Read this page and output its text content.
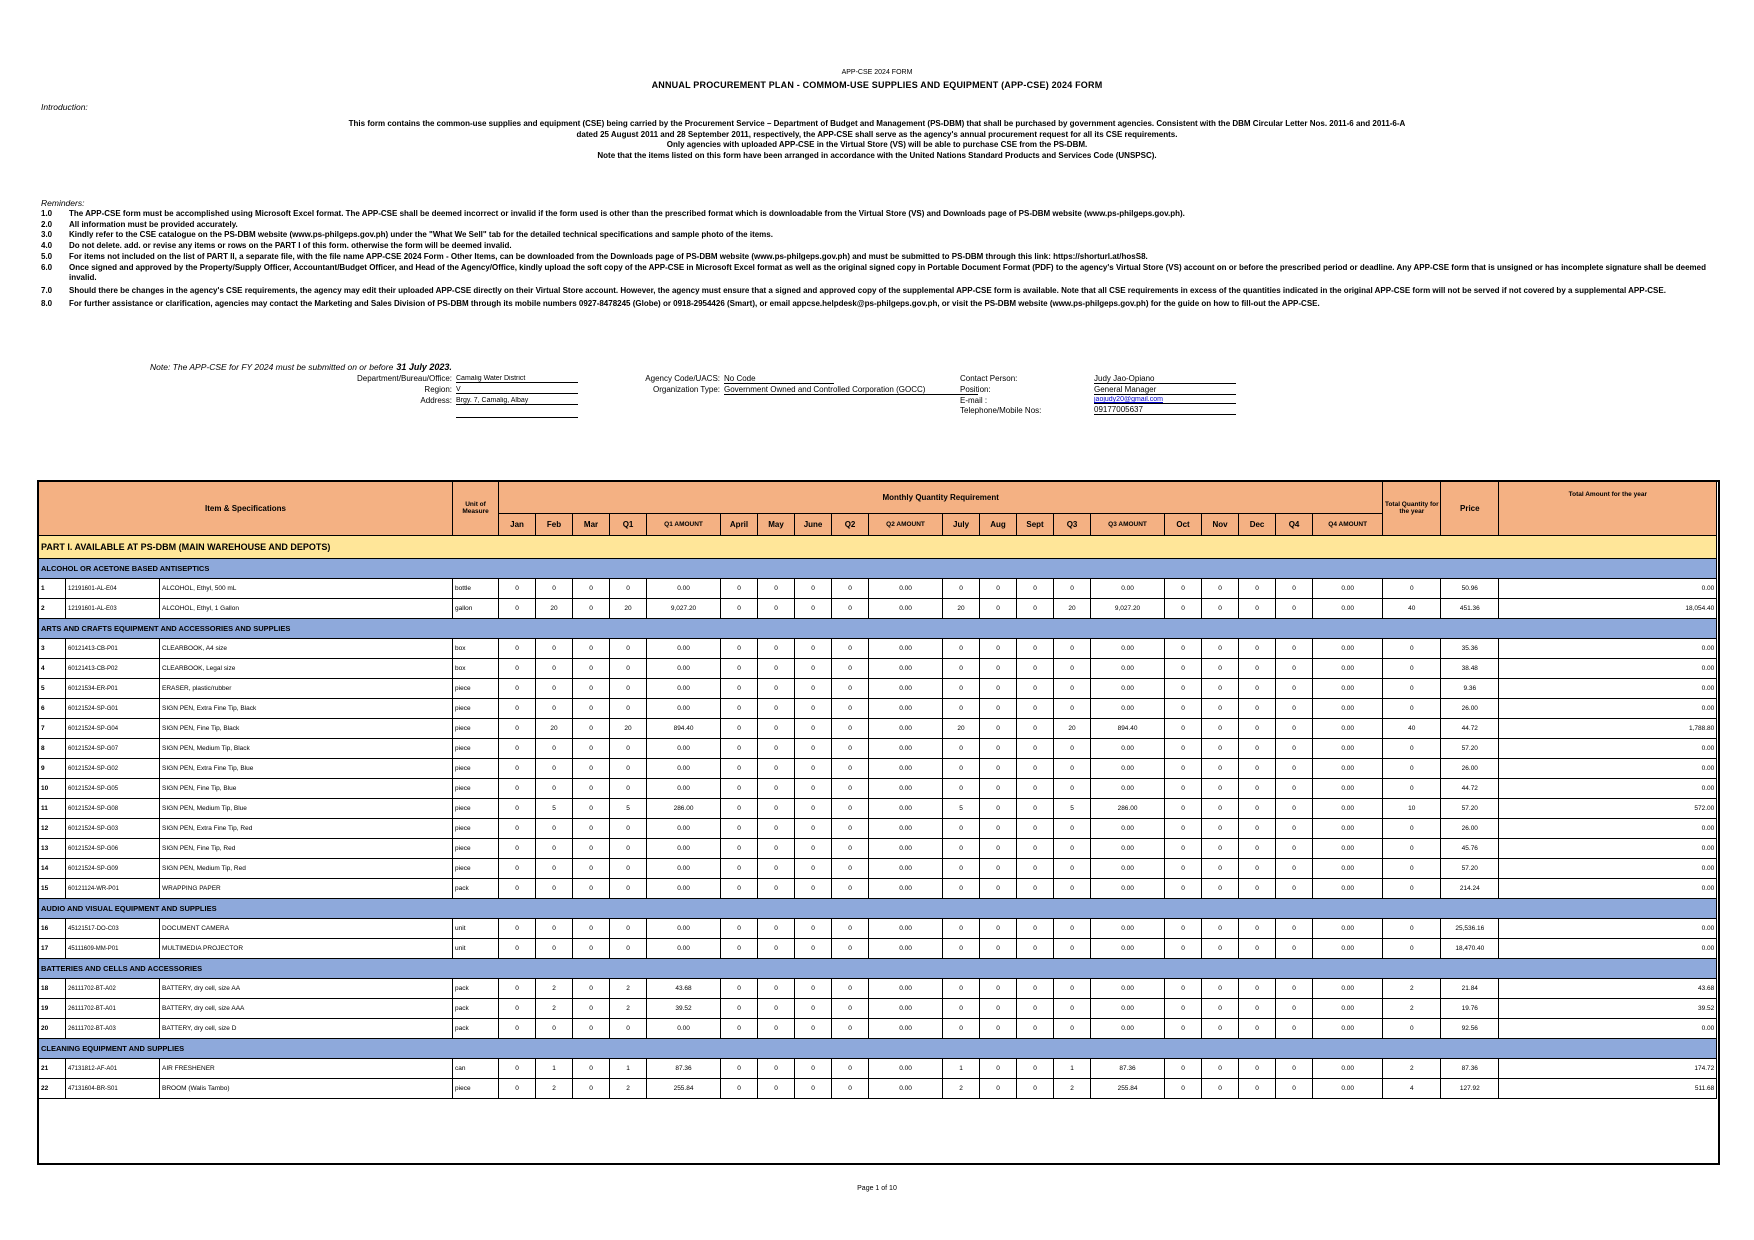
APP-CSE 2024 FORM
ANNUAL PROCUREMENT PLAN - COMMOM-USE SUPPLIES AND EQUIPMENT (APP-CSE) 2024 FORM
Introduction:
This form contains the common-use supplies and equipment (CSE) being carried by the Procurement Service – Department of Budget and Management (PS-DBM) that shall be purchased by government agencies. Consistent with the DBM Circular Letter Nos. 2011-6 and 2011-6-A
dated 25 August 2011 and 28 September 2011, respectively, the APP-CSE shall serve as the agency's annual procurement request for all its CSE requirements.
Only agencies with uploaded APP-CSE in the Virtual Store (VS) will be able to purchase CSE from the PS-DBM.
Note that the items listed on this form have been arranged in accordance with the United Nations Standard Products and Services Code (UNSPSC).
Reminders:
1.0	The APP-CSE form must be accomplished using Microsoft Excel format. The APP-CSE shall be deemed incorrect or invalid if the form used is other than the prescribed format which is downloadable from the Virtual Store (VS) and Downloads page of PS-DBM website (www.ps-philgeps.gov.ph).
2.0	All information must be provided accurately.
3.0	Kindly refer to the CSE catalogue on the PS-DBM website (www.ps-philgeps.gov.ph) under the "What We Sell" tab for the detailed technical specifications and sample photo of the items.
4.0	Do not delete. add. or revise any items or rows on the PART I of this form. otherwise the form will be deemed invalid.
5.0	For items not included on the list of PART II, a separate file, with the file name APP-CSE 2024 Form - Other Items, can be downloaded from the Downloads page of PS-DBM website (www.ps-philgeps.gov.ph) and must be submitted to PS-DBM through this link: https://shorturl.at/hosS8.
6.0	Once signed and approved by the Property/Supply Officer, Accountant/Budget Officer, and Head of the Agency/Office, kindly upload the soft copy of the APP-CSE in Microsoft Excel format as well as the original signed copy in Portable Document Format (PDF) to the agency's Virtual Store (VS) account on or before the prescribed period or deadline. Any APP-CSE form that is unsigned or has incomplete signature shall be deemed invalid.
7.0	Should there be changes in the agency's CSE requirements, the agency may edit their uploaded APP-CSE directly on their Virtual Store account. However, the agency must ensure that a signed and approved copy of the supplemental APP-CSE form is available. Note that all CSE requirements in excess of the quantities indicated in the original APP-CSE form will not be served if not covered by a supplemental APP-CSE.
8.0	For further assistance or clarification, agencies may contact the Marketing and Sales Division of PS-DBM through its mobile numbers 0927-8478245 (Globe) or 0918-2954426 (Smart), or email appcse.helpdesk@ps-philgeps.gov.ph, or visit the PS-DBM website (www.ps-philgeps.gov.ph) for the guide on how to fill-out the APP-CSE.
Note: The APP-CSE for FY 2024 must be submitted on or before 31 July 2023.
Department/Bureau/Office: Camalig Water District
Region: V
Address: Brgy. 7, Camalig, Albay
Agency Code/UACS: No Code
Organization Type: Government Owned and Controlled Corporation (GOCC)
Contact Person:	Judy Jao-Opiano
Position:	General Manager
E-mail :	jaojudy20@gmail.com
Telephone/Mobile Nos:	09177005637
Item & Specifications			Unit of Measure	Monthly Quantity Requirement																				Total Quantity for the year	Price	Total Amount for the year
				Jan	Feb	Mar	Q1	Q1 AMOUNT	April	May	June	Q2	Q2 AMOUNT	July	Aug	Sept	Q3	Q3 AMOUNT	Oct	Nov	Dec	Q4	Q4 AMOUNT			
PART I. AVAILABLE AT PS-DBM (MAIN WAREHOUSE AND DEPOTS)																										
ALCOHOL OR ACETONE BASED ANTISEPTICS																										
1	12191601-AL-E04	ALCOHOL, Ethyl, 500 mL	bottle	0	0	0	0	0.00	0	0	0	0	0.00	0	0	0	0	0.00	0	0	0	0	0.00	0	50.96	0.00
2	12191601-AL-E03	ALCOHOL, Ethyl, 1 Gallon	gallon	0	20	0	20	9,027.20	0	0	0	0	0.00	20	0	0	20	9,027.20	0	0	0	0	0.00	40	451.36	18,054.40
ARTS AND CRAFTS EQUIPMENT AND ACCESSORIES AND SUPPLIES																										
3	60121413-CB-P01	CLEARBOOK, A4 size	box	0	0	0	0	0.00	0	0	0	0	0.00	0	0	0	0	0.00	0	0	0	0	0.00	0	35.36	0.00
4	60121413-CB-P02	CLEARBOOK, Legal size	box	0	0	0	0	0.00	0	0	0	0	0.00	0	0	0	0	0.00	0	0	0	0	0.00	0	38.48	0.00
5	60121534-ER-P01	ERASER, plastic/rubber	piece	0	0	0	0	0.00	0	0	0	0	0.00	0	0	0	0	0.00	0	0	0	0	0.00	0	9.36	0.00
6	60121524-SP-G01	SIGN PEN, Extra Fine Tip, Black	piece	0	0	0	0	0.00	0	0	0	0	0.00	0	0	0	0	0.00	0	0	0	0	0.00	0	26.00	0.00
7	60121524-SP-G04	SIGN PEN, Fine Tip, Black	piece	0	20	0	20	894.40	0	0	0	0	0.00	20	0	0	20	894.40	0	0	0	0	0.00	40	44.72	1,788.80
8	60121524-SP-G07	SIGN PEN, Medium Tip, Black	piece	0	0	0	0	0.00	0	0	0	0	0.00	0	0	0	0	0.00	0	0	0	0	0.00	0	57.20	0.00
9	60121524-SP-G02	SIGN PEN, Extra Fine Tip, Blue	piece	0	0	0	0	0.00	0	0	0	0	0.00	0	0	0	0	0.00	0	0	0	0	0.00	0	26.00	0.00
10	60121524-SP-G05	SIGN PEN, Fine Tip, Blue	piece	0	0	0	0	0.00	0	0	0	0	0.00	0	0	0	0	0.00	0	0	0	0	0.00	0	44.72	0.00
11	60121524-SP-G08	SIGN PEN, Medium Tip, Blue	piece	0	5	0	5	286.00	0	0	0	0	0.00	5	0	0	5	286.00	0	0	0	0	0.00	10	57.20	572.00
12	60121524-SP-G03	SIGN PEN, Extra Fine Tip, Red	piece	0	0	0	0	0.00	0	0	0	0	0.00	0	0	0	0	0.00	0	0	0	0	0.00	0	26.00	0.00
13	60121524-SP-G06	SIGN PEN, Fine Tip, Red	piece	0	0	0	0	0.00	0	0	0	0	0.00	0	0	0	0	0.00	0	0	0	0	0.00	0	45.76	0.00
14	60121524-SP-G09	SIGN PEN, Medium Tip, Red	piece	0	0	0	0	0.00	0	0	0	0	0.00	0	0	0	0	0.00	0	0	0	0	0.00	0	57.20	0.00
15	60121124-WR-P01	WRAPPING PAPER	pack	0	0	0	0	0.00	0	0	0	0	0.00	0	0	0	0	0.00	0	0	0	0	0.00	0	214.24	0.00
AUDIO AND VISUAL EQUIPMENT AND SUPPLIES																										
16	45121517-DO-C03	DOCUMENT CAMERA	unit	0	0	0	0	0.00	0	0	0	0	0.00	0	0	0	0	0.00	0	0	0	0	0.00	0	25,536.16	0.00
17	45111609-MM-P01	MULTIMEDIA PROJECTOR	unit	0	0	0	0	0.00	0	0	0	0	0.00	0	0	0	0	0.00	0	0	0	0	0.00	0	18,470.40	0.00
BATTERIES AND CELLS AND ACCESSORIES																										
18	26111702-BT-A02	BATTERY, dry cell, size AA	pack	0	2	0	2	43.68	0	0	0	0	0.00	0	0	0	0	0.00	0	0	0	0	0.00	2	21.84	43.68
19	26111702-BT-A01	BATTERY, dry cell, size AAA	pack	0	2	0	2	39.52	0	0	0	0	0.00	0	0	0	0	0.00	0	0	0	0	0.00	2	19.76	39.52
20	26111702-BT-A03	BATTERY, dry cell, size D	pack	0	0	0	0	0.00	0	0	0	0	0.00	0	0	0	0	0.00	0	0	0	0	0.00	0	92.56	0.00
CLEANING EQUIPMENT AND SUPPLIES																										
21	47131812-AF-A01	AIR FRESHENER	can	0	1	0	1	87.36	0	0	0	0	0.00	1	0	0	1	87.36	0	0	0	0	0.00	2	87.36	174.72
22	47131604-BR-S01	BROOM (Walis Tambo)	piece	0	2	0	2	255.84	0	0	0	0	0.00	2	0	0	2	255.84	0	0	0	0	0.00	4	127.92	511.68
Page 1 of 10
